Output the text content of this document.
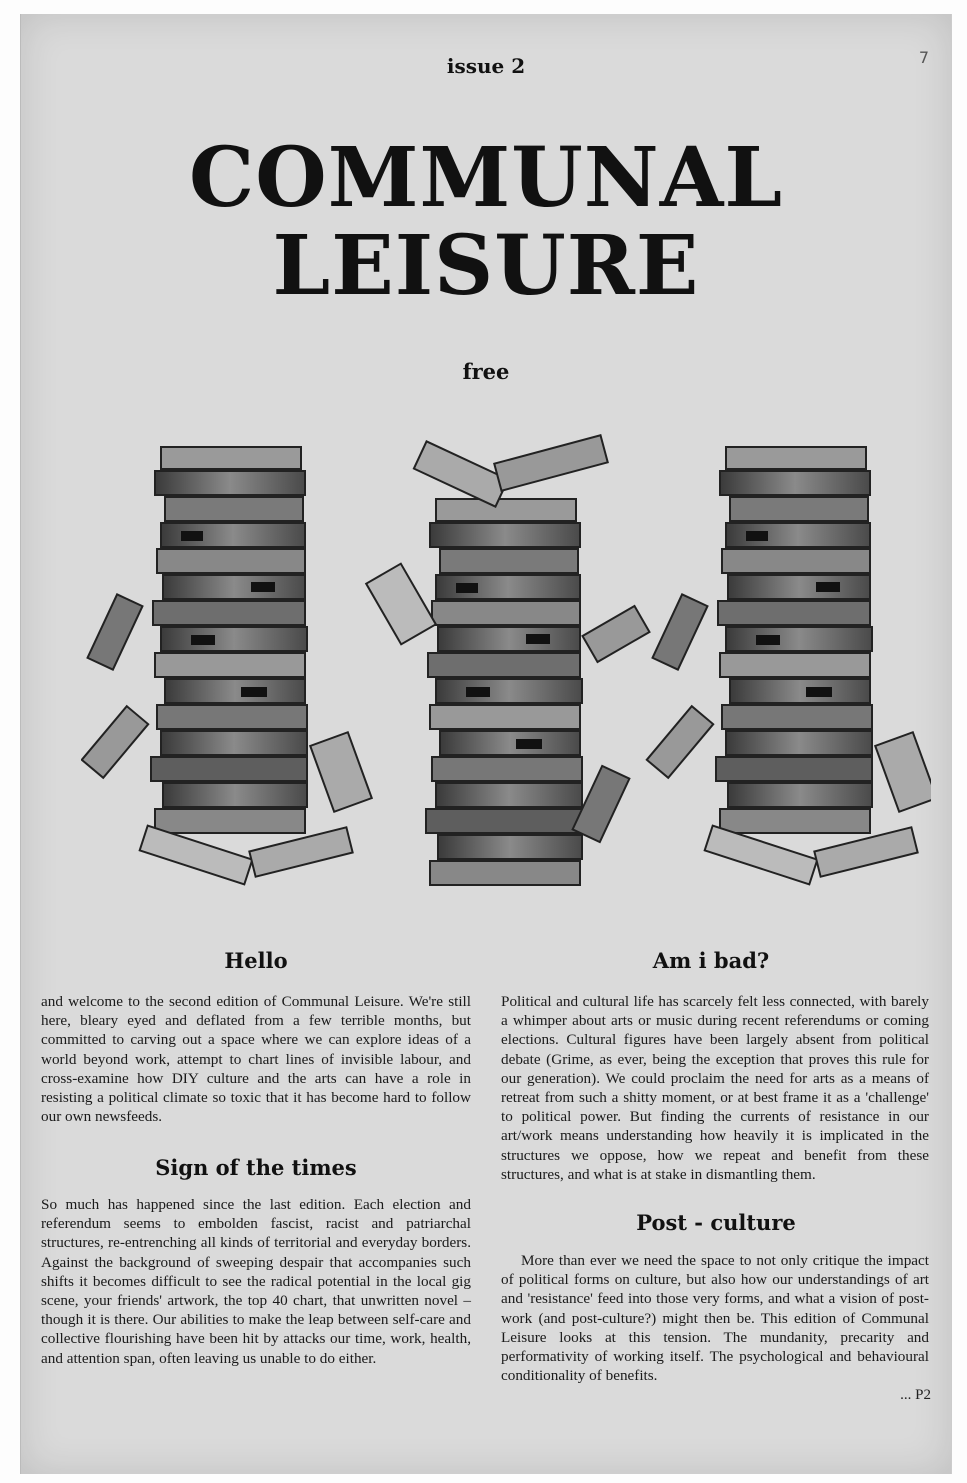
7
issue 2
COMMUNAL
LEISURE
free
Hello

and welcome to the second edition of Communal Leisure. We're still here, bleary eyed and deflated from a few terrible months, but committed to carving out a space where we can explore ideas of a world beyond work, attempt to chart lines of invisible labour, and cross-examine how DIY culture and the arts can have a role in resisting a political climate so toxic that it has become hard to follow our own newsfeeds.

Sign of the times

So much has happened since the last edition. Each election and referendum seems to embolden fascist, racist and patriarchal structures, re-entrenching all kinds of territorial and everyday borders. Against the background of sweeping despair that accompanies such shifts it becomes difficult to see the radical potential in the local gig scene, your friends' artwork, the top 40 chart, that unwritten novel – though it is there. Our abilities to make the leap between self-care and collective flourishing have been hit by attacks our time, work, health, and attention span, often leaving us unable to do either.

Am i bad?

Political and cultural life has scarcely felt less connected, with barely a whimper about arts or music during recent referendums or coming elections. Cultural figures have been largely absent from political debate (Grime, as ever, being the exception that proves this rule for our generation). We could proclaim the need for arts as a means of retreat from such a shitty moment, or at best frame it as a 'challenge' to political power. But finding the currents of resistance in our art/work means understanding how heavily it is implicated in the structures we oppose, how we repeat and benefit from these structures, and what is at stake in dismantling them.

Post - culture

More than ever we need the space to not only critique the impact of political forms on culture, but also how our understandings of art and 'resistance' feed into those very forms, and what a vision of post-work (and post-culture?) might then be. This edition of Communal Leisure looks at this tension. The mundanity, precarity and performativity of working itself. The psychological and behavioural conditionality of benefits.

... P2
